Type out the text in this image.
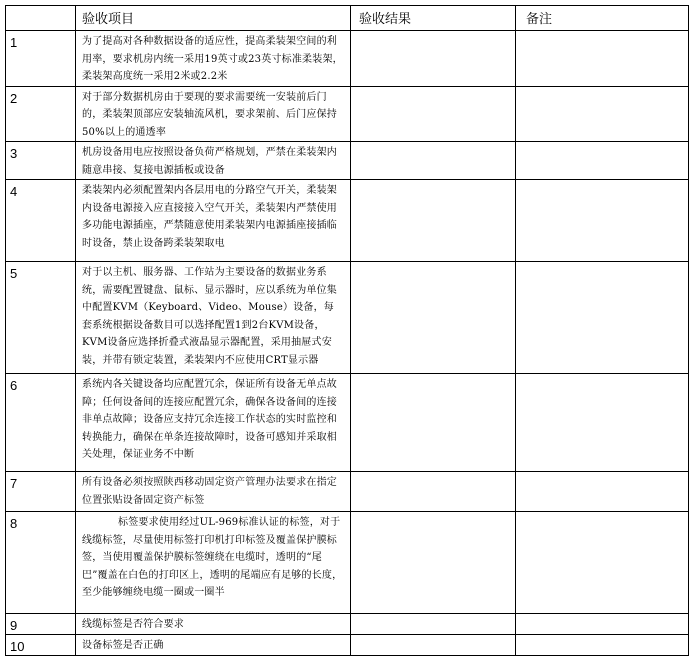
	验收项目	验收结果	备注
1	为了提高对各种数据设备的适应性，提高柔装架空间的利用率，要求机房内统一采用19英寸或23英寸标准柔装架，柔装架高度统一采用2米或2.2米		
2	对于部分数据机房由于要现的要求需要统一安装前后门的，柔装架顶部应安装轴流风机，要求架前、后门应保持50%以上的通透率		
3	机房设备用电应按照设备负荷严格规划，严禁在柔装架内随意串接、复接电源插板或设备		
4	柔装架内必须配置架内各层用电的分路空气开关，柔装架内设备电源接入应直接接入空气开关，柔装架内严禁使用多功能电源插座，严禁随意使用柔装架内电源插座接插临时设备，禁止设备跨柔装架取电		
5	对于以主机、服务器、工作站为主要设备的数据业务系统，需要配置键盘、鼠标、显示器时，应以系统为单位集中配置KVM（Keyboard、Video、Mouse）设备，每套系统根据设备数目可以选择配置1到2台KVM设备，KVM设备应选择折叠式液晶显示器配置，采用抽屉式安装，并带有锁定装置，柔装架内不应使用CRT显示器		
6	系统内各关键设备均应配置冗余，保证所有设备无单点故障；任何设备间的连接应配置冗余，确保各设备间的连接非单点故障；设备应支持冗余连接工作状态的实时监控和转换能力，确保在单条连接故障时，设备可感知并采取相关处理，保证业务不中断		
7	所有设备必须按照陕西移动固定资产管理办法要求在指定位置张贴设备固定资产标签		
8	标签要求使用经过UL-969标准认证的标签，对于线缆标签，尽量使用标签打印机打印标签及覆盖保护膜标签，当使用覆盖保护膜标签缠绕在电缆时，透明的“尾巴”覆盖在白色的打印区上，透明的尾端应有足够的长度，至少能够缠绕电缆一圈或一圈半		
9	线缆标签是否符合要求		
10	设备标签是否正确		
